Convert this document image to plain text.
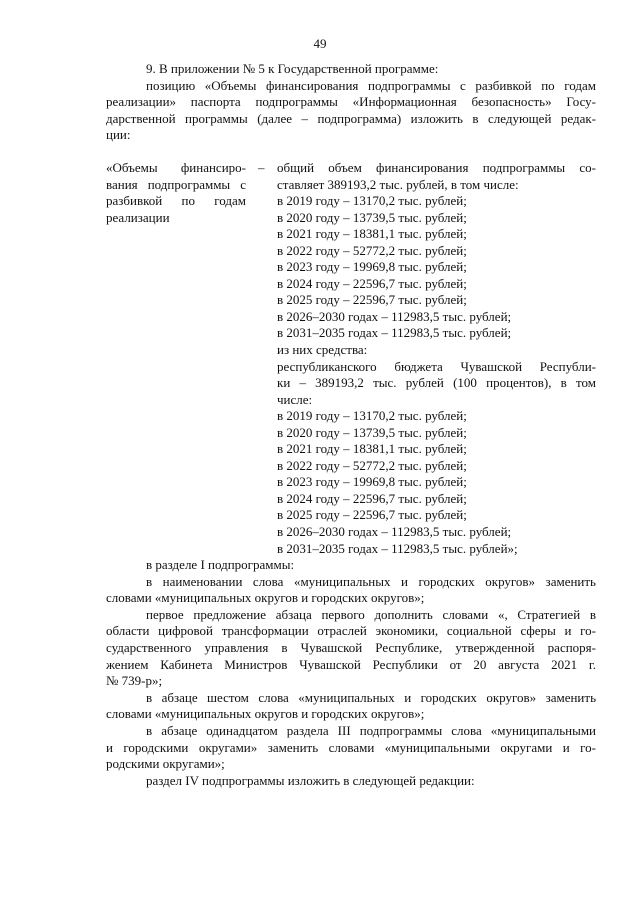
49

9. В приложении № 5 к Государственной программе:

позицию «Объемы финансирования подпрограммы с разбивкой по годам
реализации» паспорта подпрограммы «Информационная безопасность» Госу-
дарственной программы (далее – подпрограмма) изложить в следующей редак-
ции:

«Объемы финансиро-
вания подпрограммы с
разбивкой по годам
реализации
– общий объем финансирования подпрограммы со-
ставляет 389193,2 тыс. рублей, в том числе:
в 2019 году – 13170,2 тыс. рублей;
в 2020 году – 13739,5 тыс. рублей;
в 2021 году – 18381,1 тыс. рублей;
в 2022 году – 52772,2 тыс. рублей;
в 2023 году – 19969,8 тыс. рублей;
в 2024 году – 22596,7 тыс. рублей;
в 2025 году – 22596,7 тыс. рублей;
в 2026–2030 годах – 112983,5 тыс. рублей;
в 2031–2035 годах – 112983,5 тыс. рублей;
из них средства:
республиканского бюджета Чувашской Республи-
ки – 389193,2 тыс. рублей (100 процентов), в том
числе:
в 2019 году – 13170,2 тыс. рублей;
в 2020 году – 13739,5 тыс. рублей;
в 2021 году – 18381,1 тыс. рублей;
в 2022 году – 52772,2 тыс. рублей;
в 2023 году – 19969,8 тыс. рублей;
в 2024 году – 22596,7 тыс. рублей;
в 2025 году – 22596,7 тыс. рублей;
в 2026–2030 годах – 112983,5 тыс. рублей;
в 2031–2035 годах – 112983,5 тыс. рублей»;

в разделе I подпрограммы:

в наименовании слова «муниципальных и городских округов» заменить
словами «муниципальных округов и городских округов»;

первое предложение абзаца первого дополнить словами «, Стратегией в
области цифровой трансформации отраслей экономики, социальной сферы и го-
сударственного управления в Чувашской Республике, утвержденной распоря-
жением Кабинета Министров Чувашской Республики от 20 августа 2021 г.
№ 739-р»;

в абзаце шестом слова «муниципальных и городских округов» заменить
словами «муниципальных округов и городских округов»;

в абзаце одинадцатом раздела III подпрограммы слова «муниципальными
и городскими округами» заменить словами «муниципальными округами и го-
родскими округами»;

раздел IV подпрограммы изложить в следующей редакции:
